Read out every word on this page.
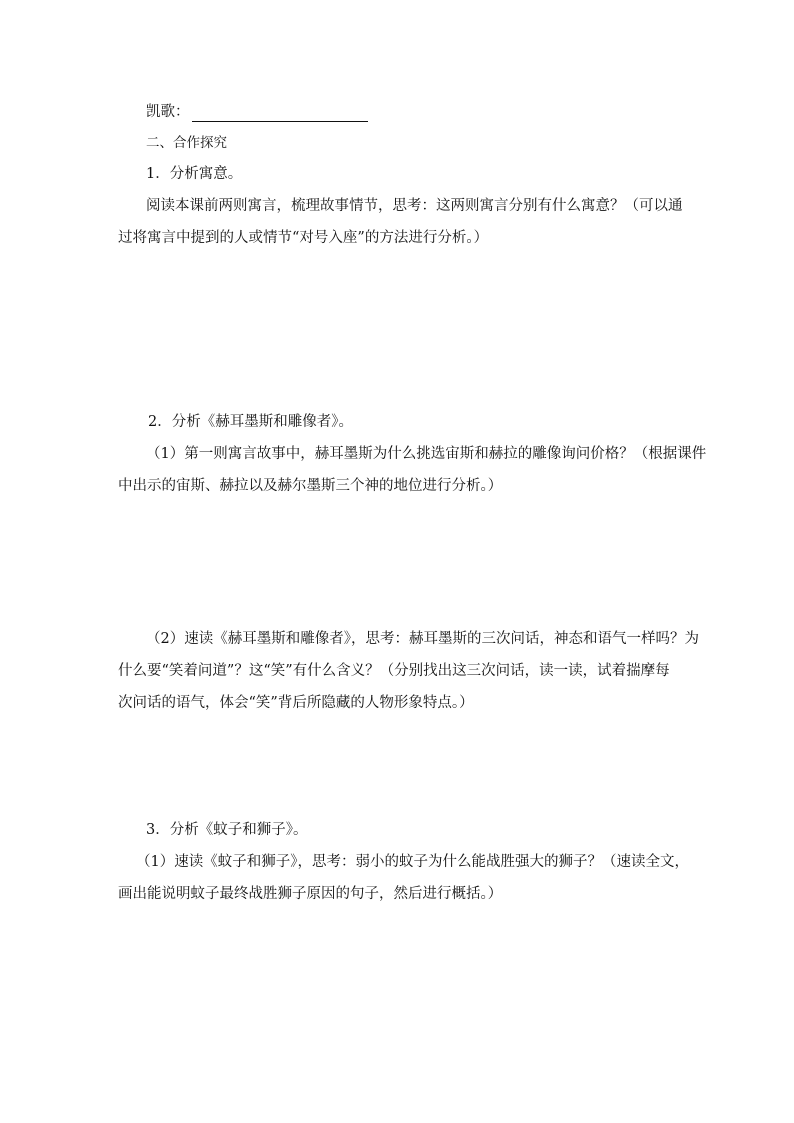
凯歌：
二、合作探究
1．分析寓意。
阅读本课前两则寓言，梳理故事情节，思考：这两则寓言分别有什么寓意？（可以通
过将寓言中提到的人或情节“对号入座”的方法进行分析。）
2．分析《赫耳墨斯和雕像者》。
（1）第一则寓言故事中，赫耳墨斯为什么挑选宙斯和赫拉的雕像询问价格？（根据课件
中出示的宙斯、赫拉以及赫尔墨斯三个神的地位进行分析。）
（2）速读《赫耳墨斯和雕像者》，思考：赫耳墨斯的三次问话，神态和语气一样吗？为
什么要“笑着问道”？这“笑”有什么含义？（分别找出这三次问话，读一读，试着揣摩每
次问话的语气，体会“笑”背后所隐藏的人物形象特点。）
3．分析《蚊子和狮子》。
（1）速读《蚊子和狮子》，思考：弱小的蚊子为什么能战胜强大的狮子？（速读全文，
画出能说明蚊子最终战胜狮子原因的句子，然后进行概括。）
